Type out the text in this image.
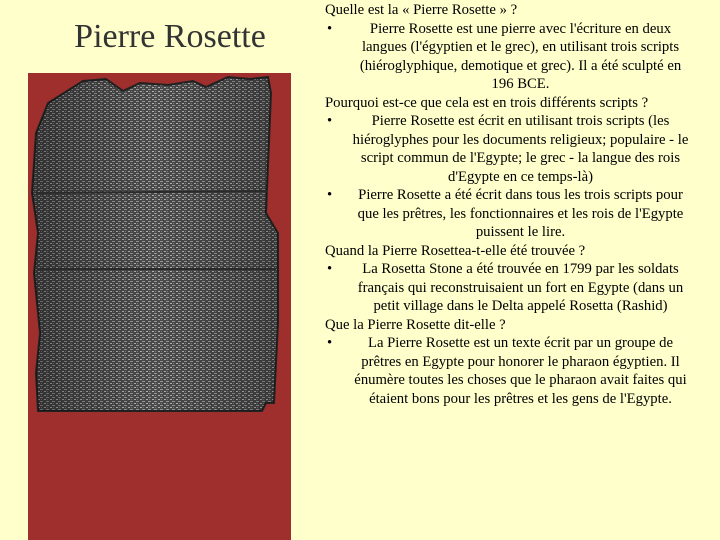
Pierre Rosette

Quelle est la « Pierre Rosette » ?

•	Pierre Rosette est une pierre avec l'écriture en deux langues (l'égyptien et le grec), en utilisant trois scripts (hiéroglyphique, demotique et grec). Il a été sculpté en 196 BCE.

Pourquoi est-ce que cela est en trois différents scripts ?

•	Pierre Rosette est écrit en utilisant trois scripts (les hiéroglyphes pour les documents religieux; populaire - le script commun de l'Egypte; le grec - la langue des rois d'Egypte en ce temps-là)
•	Pierre Rosette a été écrit dans tous les trois scripts pour que les prêtres, les fonctionnaires et les rois de l'Egypte puissent le lire.

Quand la Pierre Rosettea-t-elle été trouvée ?

•	La Rosetta Stone a été trouvée en 1799 par les soldats français qui reconstruisaient un fort en Egypte (dans un petit village dans le Delta appelé Rosetta (Rashid)

Que la Pierre Rosette dit-elle ?

•	La Pierre Rosette est un texte écrit par un groupe de prêtres en Egypte pour honorer le pharaon égyptien. Il énumère toutes les choses que le pharaon avait faites qui étaient bons pour les prêtres et les gens de l'Egypte.
